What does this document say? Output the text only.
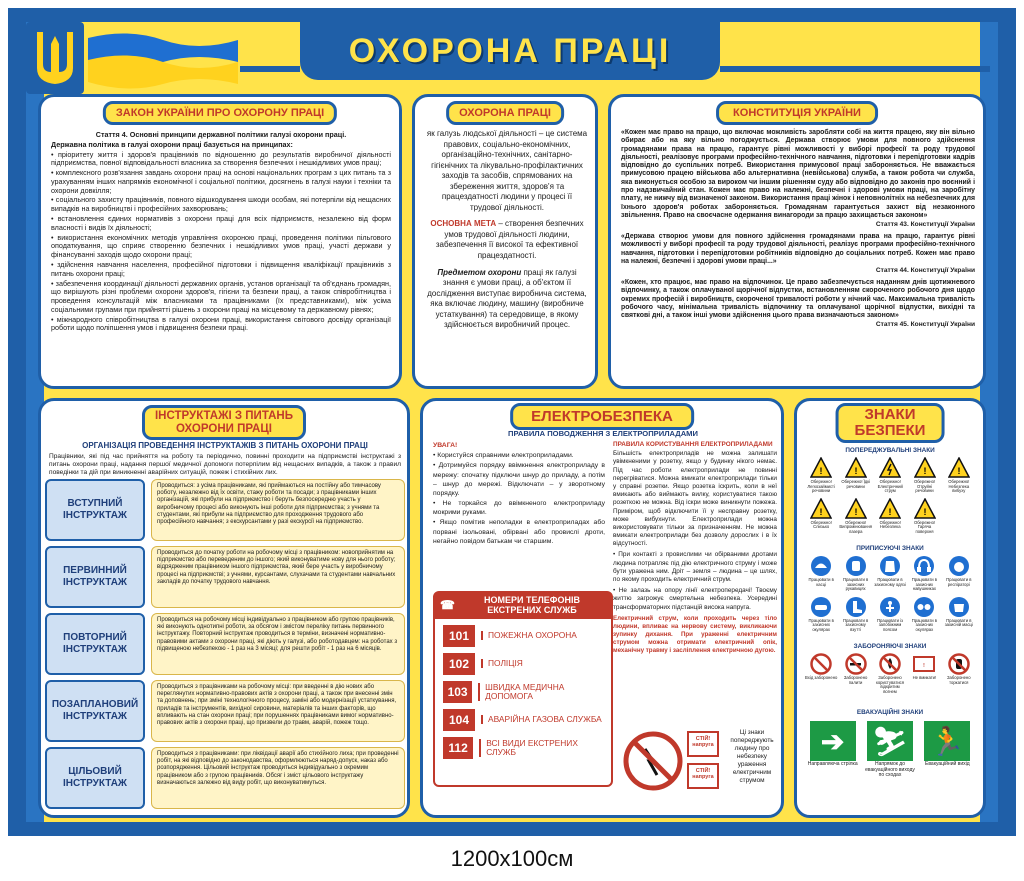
ОХОРОНА ПРАЦІ
ЗАКОН УКРАЇНИ ПРО ОХОРОНУ ПРАЦІ

Стаття 4. Основні принципи державної політики галузі охорони праці.

Державна політика в галузі охорони праці базується на принципах:

• пріоритету життя і здоров'я працівників по відношенню до результатів виробничої діяльності підприємства, повної відповідальності власника за створення безпечних і нешкідливих умов праці;

• комплексного розв'язання завдань охорони праці на основі національних програм з цих питань та з урахуванням інших напрямків економічної і соціальної політики, досягнень в галузі науки і техніки та охорони довкілля;

• соціального захисту працівників, повного відшкодування шкоди особам, які потерпіли від нещасних випадків на виробництві і професійних захворювань;

• встановлення єдиних нормативів з охорони праці для всіх підприємств, незалежно від форм власності і видів їх діяльності;

• використання економічних методів управління охороною праці, проведення політики пільгового оподаткування, що сприяє створенню безпечних і нешкідливих умов праці, участі держави у фінансуванні заходів щодо охорони праці;

• здійснення навчання населення, професійної підготовки і підвищення кваліфікації працівників з питань охорони праці;

• забезпечення координації діяльності державних органів, установ організації та об'єднань громадян, що вирішують різні проблеми охорони здоров'я, гігієни та безпеки праці, а також співробітництва і проведення консультацій між власниками та працівниками (їх представниками), між усіма соціальними групами при прийнятті рішень з охорони праці на місцевому та державному рівнях;

• міжнародного співробітництва в галузі охорони праці, використання світового досвіду організації роботи щодо поліпшення умов і підвищення безпеки праці.

ОХОРОНА ПРАЦІ

як галузь людської діяльності – це система правових, соціально-економічних, організаційно-технічних, санітарно-гігієнічних та лікувально-профілактичних заходів та засобів, спрямованих на збереження життя, здоров'я та працездатності людини у процесі її трудової діяльності.

ОСНОВНА МЕТА – створення безпечних умов трудової діяльності людини, забезпечення її високої та ефективної працездатності.

Предметом охорони праці як галузі знання є умови праці, а об'єктом її дослідження виступає виробнича система, яка включає людину, машину (виробниче устаткування) та середовище, в якому здійснюється виробничий процес.

КОНСТИТУЦІЯ УКРАЇНИ

«Кожен має право на працю, що включає можливість заробляти собі на життя працею, яку він вільно обирає або на яку вільно погоджується. Держава створює умови для повного здійснення громадянами права на працю, гарантує рівні можливості у виборі професії та роду трудової діяльності, реалізовує програми професійно-технічного навчання, підготовки і перепідготовки кадрів відповідно до суспільних потреб. Використання примусової праці забороняється. Не вважається примусовою працею військова або альтернативна (невійськова) служба, а також робота чи служба, яка виконується особою за вироком чи іншим рішенням суду або відповідно до законів про воєнний і про надзвичайний стан. Кожен має право на належні, безпечні і здорові умови праці, на заробітну плату, не нижчу від визначеної законом. Використання праці жінок і неповнолітніх на небезпечних для їхнього здоров'я роботах забороняється. Громадянам гарантується захист від незаконного звільнення. Право на своєчасне одержання винагороди за працю захищається законом»

Стаття 43. Конституції України

«Держава створює умови для повного здійснення громадянами права на працю, гарантує рівні можливості у виборі професії та роду трудової діяльності, реалізує програми професійно-технічного навчання, підготовки і перепідготовки робітників відповідно до соціальних потреб. Кожен має право на належні, безпечні і здорові умови праці...»

Стаття 44. Конституції України

«Кожен, хто працює, має право на відпочинок. Це право забезпечується наданням днів щотижневого відпочинку, а також оплачуваної щорічної відпустки, встановленням скороченого робочого дня щодо окремих професій і виробництв, скороченої тривалості роботи у нічний час. Максимальна тривалість робочого часу, мінімальна тривалість відпочинку та оплачуваної щорічної відпустки, вихідні та святкові дні, а також інші умови здійснення цього права визначаються законом»

Стаття 45. Конституції України

ІНСТРУКТАЖІ З ПИТАНЬ
ОХОРОНИ ПРАЦІ
ОРГАНІЗАЦІЯ ПРОВЕДЕННЯ ІНСТРУКТАЖІВ З ПИТАНЬ ОХОРОНИ ПРАЦІ
Працівники, які під час прийняття на роботу та періодично, повинні проходити на підприємстві інструктажі з питань охорони праці, надання першої медичної допомоги потерпілим від нещасних випадків, а також з правил поведінки та дій при виникненні аварійних ситуацій, пожеж і стихійних лих.
ВСТУПНИЙ ІНСТРУКТАЖ
Проводиться: з усіма працівниками, які приймаються на постійну або тимчасову роботу, незалежно від їх освіти, стажу роботи та посади; з працівниками інших організацій, які прибули на підприємство і беруть безпосередню участь у виробничому процесі або виконують інші роботи для підприємства; з учнями та студентами, які прибули на підприємство для проходження трудового або професійного навчання; з екскурсантами у разі екскурсії на підприємство.
ПЕРВИННИЙ ІНСТРУКТАЖ
Проводиться до початку роботи на робочому місці з працівником: новоприйнятим на підприємство або переведеним до іншого; який виконуватиме нову для нього роботу; відрядженим працівником іншого підприємства, який бере участь у виробничому процесі на підприємстві; з учнями, курсантами, слухачами та студентами навчальних закладів до початку трудового навчання.
ПОВТОРНИЙ ІНСТРУКТАЖ
Проводиться на робочому місці індивідуально з працівником або групою працівників, які виконують однотипні роботи, за обсягом і змістом переліку питань первинного інструктажу. Повторний інструктаж проводиться в терміни, визначені нормативно-правовими актами з охорони праці, які діють у галузі, або роботодавцем: на роботах з підвищеною небезпекою - 1 раз на 3 місяці; для решти робіт - 1 раз на 6 місяців.
ПОЗАПЛАНОВИЙ ІНСТРУКТАЖ
Проводиться з працівниками на робочому місці: при введенні в дію нових або переглянутих нормативно-правових актів з охорони праці, а також при внесенні змін та доповнень; при зміні технологічного процесу, заміні або модернізації устаткування, приладів та інструментів, вихідної сировини, матеріалів та інших факторів, що впливають на стан охорони праці; при порушеннях працівниками вимог нормативно-правових актів з охорони праці, що призвели до травм, аварій, пожеж тощо.
ЦІЛЬОВИЙ ІНСТРУКТАЖ
Проводиться з працівниками: при ліквідації аварії або стихійного лиха; при проведенні робіт, на які відповідно до законодавства, оформлюються наряд-допуск, наказ або розпорядження. Цільовий інструктаж проводиться індивідуально з окремим працівником або з групою працівників. Обсяг і зміст цільового інструктажу визначаються залежно від виду робіт, що виконуватимуться.
ЕЛЕКТРОБЕЗПЕКА
ПРАВИЛА ПОВОДЖЕННЯ З ЕЛЕКТРОПРИЛАДАМИ

УВАГА!

• Користуйся справними електроприладами.

• Дотримуйся порядку ввімкнення електроприладу в мережу: спочатку підключи шнур до приладу, а потім – шнур до мережі. Відключати – у зворотному порядку.

• Не торкайся до ввімкненого електроприладу мокрими руками.

• Якщо помітив неполадки в електроприладах або порвані ізольовані, обірвані або провислі дроти, негайно повідом батькам чи старшим.

ПРАВИЛА КОРИСТУВАННЯ ЕЛЕКТРОПРИЛАДАМИ

Більшість електроприладів не можна залишати увімкненими у розетку, якщо у будинку нікого немає. Під час роботи електроприлади не повинні перегріватися. Можна вмикати електроприлади тільки у справні розетки. Якщо розетка іскрить, коли в неї вмикають або виймають вилку, користуватися такою розеткою не можна. Від іскри може виникнути пожежа. Приміром, щоб відключити її у несправну розетку, може вибухнути. Електроприлади можна використовувати тільки за призначенням. Не можна вмикати електроприлади без дозволу дорослих і в їх відсутності.

• При контакті з провислими чи обірваними дротами людина потрапляє під дію електричного струму і може бути уражена ним. Дріт – земля – людина – це шлях, по якому проходить електричний струм.

• Не залазь на опору лінії електропередачі! Твоєму життю загрожує смертельна небезпека. Усередині трансформаторних підстанцій висока напруга.

Електричний струм, коли проходить через тіло людини, впливає на нервову систему, викликаючи зупинку дихання. При ураженні електричним струмом можна отримати електричний опік, механічну травму і засліплення електричною дугою.

☎	НОМЕРИ ТЕЛЕФОНІВ ЕКСТРЕНИХ СЛУЖБ
101	ПОЖЕЖНА ОХОРОНА
102	ПОЛІЦІЯ
103	ШВИДКА МЕДИЧНА ДОПОМОГА
104	АВАРІЙНА ГАЗОВА СЛУЖБА
112	ВСІ ВИДИ ЕКСТРЕНИХ СЛУЖБ
СТІЙ! напруга
СТІЙ! напруга
Ці знаки попереджують людину про небезпеку ураження електричним струмом
ЗНАКИ
БЕЗПЕКИ
ПОПЕРЕДЖУВАЛЬНІ ЗНАКИ
!
Обережно! Легкозаймисті речовини
!
Обережно! Їдкі речовини
Обережно! Електричний струм
!
Обережно! Отруйні речовини
!
Обережно! Небезпека вибуху
!
Обережно! Слизько
!
Обережно! Випромінювання лазера
!
Обережно! Небезпека
!
Обережно! Гаряча поверхня
ПРИПИСУЮЧІ ЗНАКИ
Працювати в касці
Працювати в захисних рукавицях
Працювати в захисному одязі
Працювати в захисних навушниках
Працювати в респіраторі
Працювати в захисних окулярах
Працювати в захисному взутті
Працювати із запобіжним поясом
Працювати в захисних окулярах
Працювати в захисній масці
ЗАБОРОНЯЮЧІ ЗНАКИ
Вхід заборонено	Заборонено палити
Заборонено користуватися відкритим вогнем
!
Не вмикати!	Заборонено торкатися
ЕВАКУАЦІЙНІ ЗНАКИ
➔
Направляюча стрілка
⛷
Напрямок до евакуаційного виходу по сходах
🏃
Евакуаційний вихід
1200x100см
